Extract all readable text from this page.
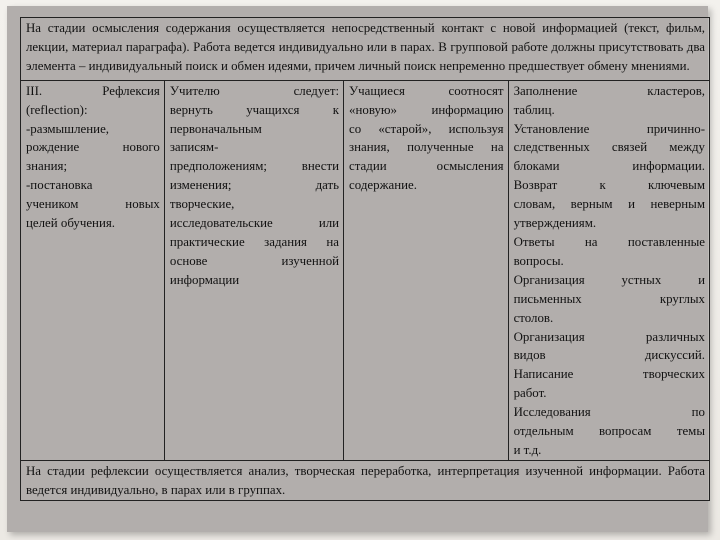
На стадии осмысления содержания осуществляется непосредственный контакт с новой информацией (текст, фильм, лекции, материал параграфа). Работа ведется индивидуально или в парах. В групповой работе должны присутствовать два элемента – индивидуальный поиск и обмен идеями, причем личный поиск непременно предшествует обмену мнениями.

III. Рефлексия
(reflection):
-размышление,
рождение нового
знания;
-постановка
учеником новых
целей обучения.

Учителю следует:
вернуть учащихся к
первоначальным
записям-
предположениям; внести
изменения; дать
творческие,
исследовательские или
практические задания на
основе изученной
информации

Учащиеся соотносят
«новую» информацию
со «старой», используя
знания, полученные на
стадии осмысления
содержание.

Заполнение кластеров,
таблиц.
Установление причинно-
следственных связей между
блоками информации.
Возврат к ключевым
словам, верным и неверным
утверждениям.
Ответы на поставленные
вопросы.
Организация устных и
письменных круглых
столов.
Организация различных
видов дискуссий.
Написание творческих
работ.
Исследования по
отдельным вопросам темы
и т.д.

На стадии рефлексии осуществляется анализ, творческая переработка, интерпретация изученной информации. Работа ведется индивидуально, в парах или в группах.
